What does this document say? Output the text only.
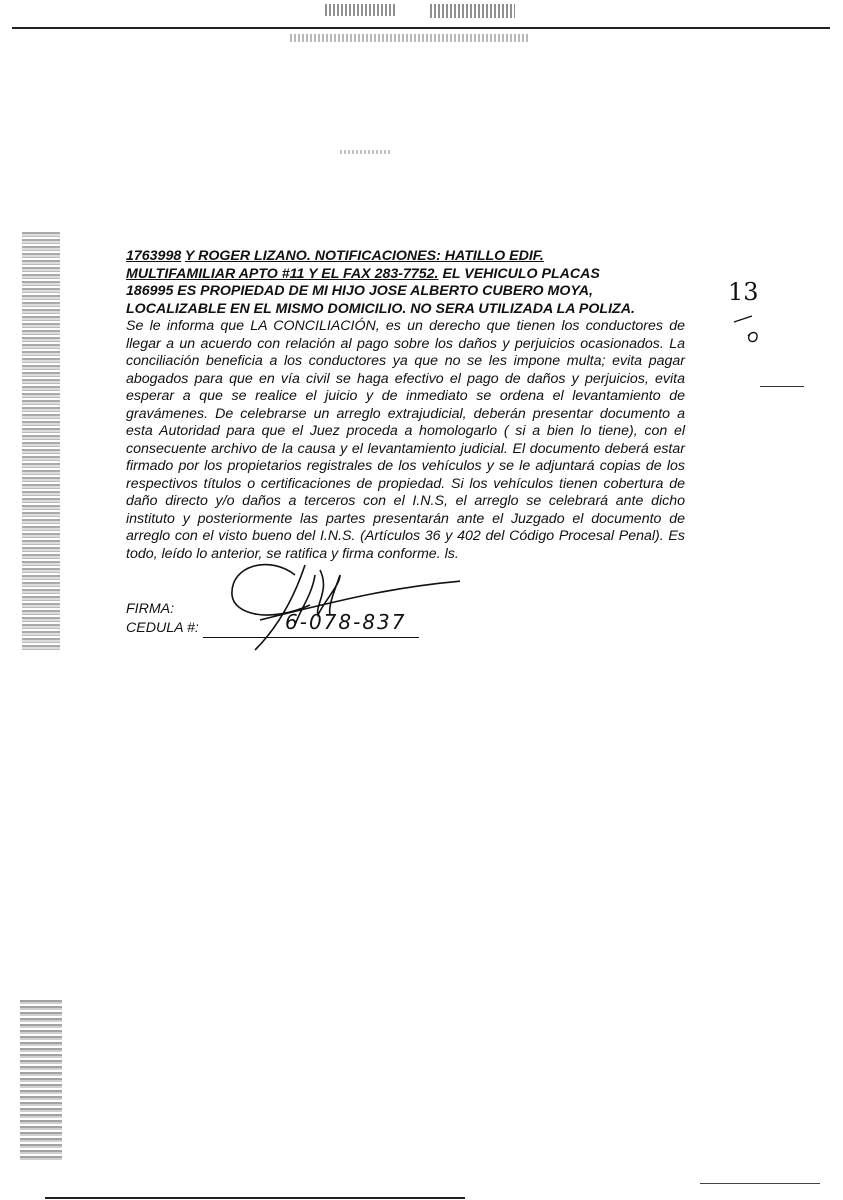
1763998 Y ROGER LIZANO. NOTIFICACIONES: HATILLO EDIF.

MULTIFAMILIAR APTO #11 Y EL FAX 283-7752. EL VEHICULO PLACAS

186995 ES PROPIEDAD DE MI HIJO JOSE ALBERTO CUBERO MOYA,

LOCALIZABLE EN EL MISMO DOMICILIO. NO SERA UTILIZADA LA POLIZA.

Se le informa que LA CONCILIACIÓN, es un derecho que tienen los conductores de llegar a un acuerdo con relación al pago sobre los daños y perjuicios ocasionados. La conciliación beneficia a los conductores ya que no se les impone multa; evita pagar abogados para que en vía civil se haga efectivo el pago de daños y perjuicios, evita esperar a que se realice el juicio y de inmediato se ordena el levantamiento de gravámenes. De celebrarse un arreglo extrajudicial, deberán presentar documento a esta Autoridad para que el Juez proceda a homologarlo ( si a bien lo tiene), con el consecuente archivo de la causa y el levantamiento judicial. El documento deberá estar firmado por los propietarios registrales de los vehículos y se le adjuntará copias de los respectivos títulos o certificaciones de propiedad. Si los vehículos tienen cobertura de daño directo y/o daños a terceros con el I.N.S, el arreglo se celebrará ante dicho instituto y posteriormente las partes presentarán ante el Juzgado el documento de arreglo con el visto bueno del I.N.S. (Artículos 36 y 402 del Código Procesal Penal). Es todo, leído lo anterior, se ratifica y firma conforme. ls.

FIRMA:
CEDULA #:	6-078-837
13
